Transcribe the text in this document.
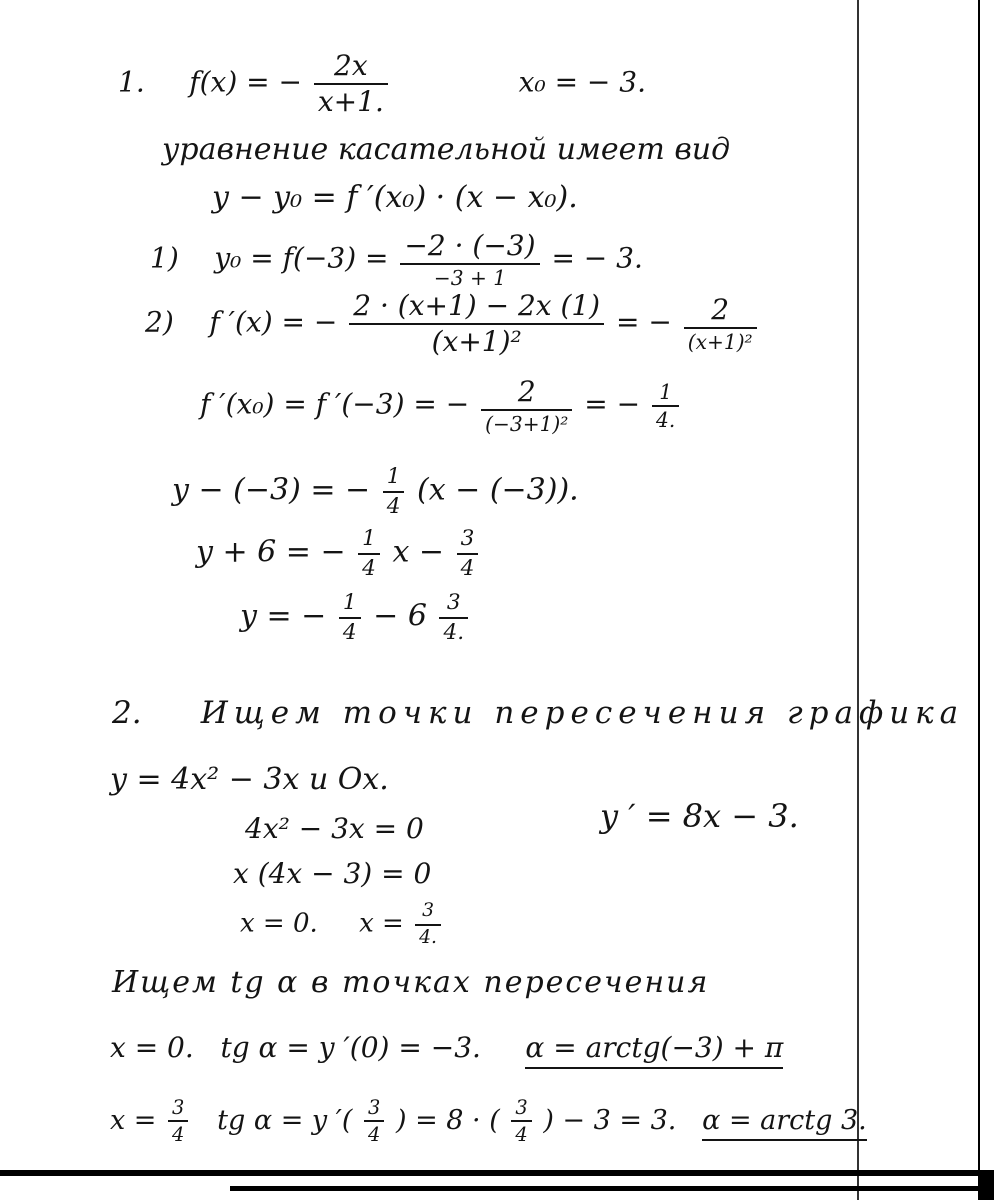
1. f(x) = − $\frac{2x}{x+1.}$	x₀ = − 3.
уравнение касательной имеет вид
y − y₀ = f ′(x₀) · (x − x₀).
1) $y_0 = f(-3) = \frac{-2 \cdot (-3)}{-3 + 1}$ = − 3.
2) f ′(x) = − $\frac{2 \cdot (x+1) - 2x (1)}{\text{(x+1)²}}$ = − $\frac{2}{\text{(x+1)²}}$
f ′(x₀) = f ′(−3) = − $\frac{2}{\text{(−3+1)²}}$ = − $\frac{1}{4.}$
y − (−3) = − $\frac{1}{4} (x - (-3))$.
y + 6 = − $\frac{1}{4}$ $x - \frac{3}{4}$
y = − $\frac{1}{4} - 6 \frac{3}{4.}$
2. Ищем точки пересечения графика
y = 4x² − 3x и Ox.
y ′ = 8x − 3.
4x² − 3x = 0
x (4x − 3) = 0
x = 0. $x = \frac{3}{4.}$
Ищем tg α в точках пересечения
x = 0. tg α = y ′(0) = −3. α = arctg(−3) + π
$x = \frac{3}{4}$ tg α = y ′( $\frac{3}{4}$ ) = 8 · ( $\frac{3}{4}$ ) − 3 = 3. α = arctg 3.
